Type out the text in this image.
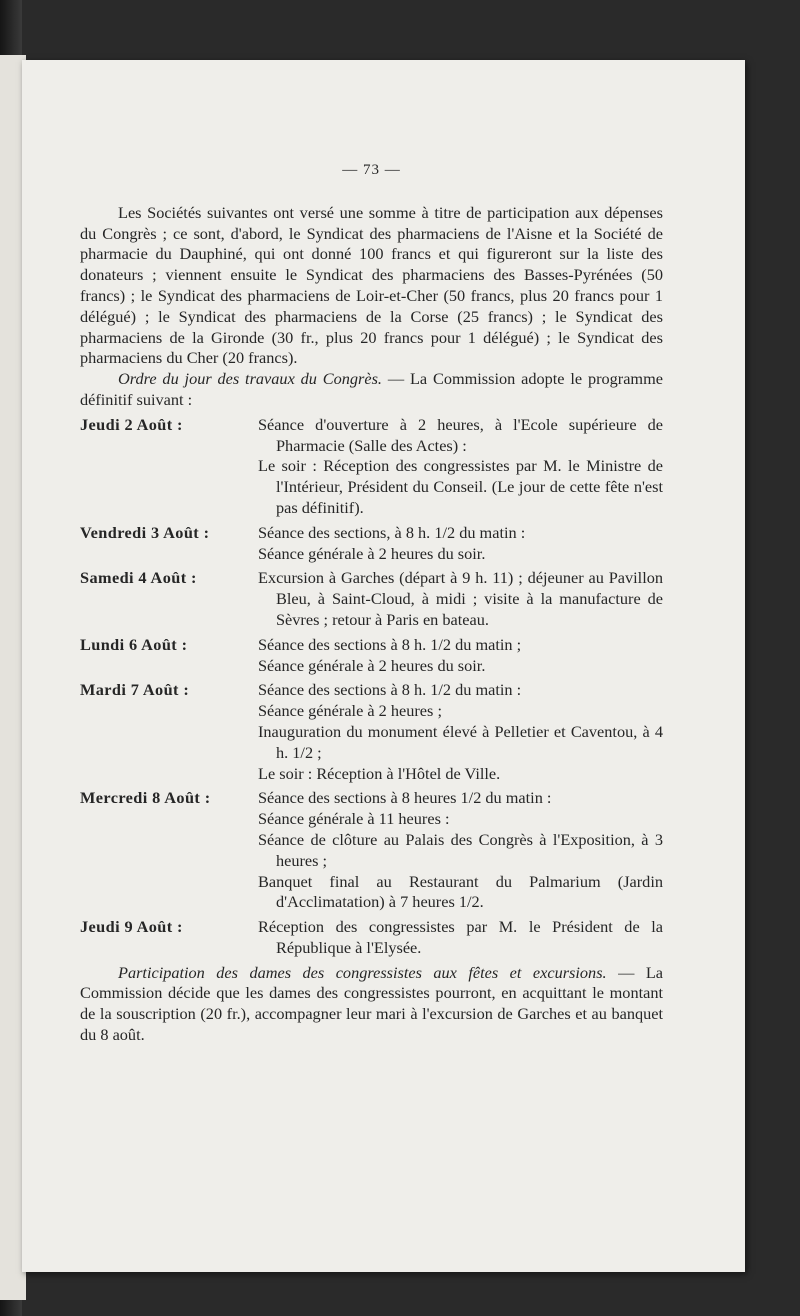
— 73 —

Les Sociétés suivantes ont versé une somme à titre de participation aux dépenses du Congrès ; ce sont, d'abord, le Syndicat des pharmaciens de l'Aisne et la Société de pharmacie du Dauphiné, qui ont donné 100 francs et qui figureront sur la liste des donateurs ; viennent ensuite le Syndicat des pharmaciens des Basses-Pyrénées (50 francs) ; le Syndicat des pharmaciens de Loir-et-Cher (50 francs, plus 20 francs pour 1 délégué) ; le Syndicat des pharmaciens de la Corse (25 francs) ; le Syndicat des pharmaciens de la Gironde (30 fr., plus 20 francs pour 1 délégué) ; le Syndicat des pharmaciens du Cher (20 francs).

Ordre du jour des travaux du Congrès. — La Commission adopte le programme définitif suivant :

Jeudi 2 Août :	Séance d'ouverture à 2 heures, à l'Ecole supérieure de Pharmacie (Salle des Actes) :
Le soir : Réception des congressistes par M. le Ministre de l'Intérieur, Président du Conseil. (Le jour de cette fête n'est pas définitif).
Vendredi 3 Août :	Séance des sections, à 8 h. 1/2 du matin :
Séance générale à 2 heures du soir.
Samedi 4 Août :	Excursion à Garches (départ à 9 h. 11) ; déjeuner au Pavillon Bleu, à Saint-Cloud, à midi ; visite à la manufacture de Sèvres ; retour à Paris en bateau.
Lundi 6 Août :	Séance des sections à 8 h. 1/2 du matin ;
Séance générale à 2 heures du soir.
Mardi 7 Août :	Séance des sections à 8 h. 1/2 du matin :
Séance générale à 2 heures ;
Inauguration du monument élevé à Pelletier et Caventou, à 4 h. 1/2 ;
Le soir : Réception à l'Hôtel de Ville.
Mercredi 8 Août :	Séance des sections à 8 heures 1/2 du matin :
Séance générale à 11 heures :
Séance de clôture au Palais des Congrès à l'Exposition, à 3 heures ;
Banquet final au Restaurant du Palmarium (Jardin d'Acclimatation) à 7 heures 1/2.
Jeudi 9 Août :	Réception des congressistes par M. le Président de la République à l'Elysée.

Participation des dames des congressistes aux fêtes et excursions. — La Commission décide que les dames des congressistes pourront, en acquittant le montant de la souscription (20 fr.), accompagner leur mari à l'excursion de Garches et au banquet du 8 août.
